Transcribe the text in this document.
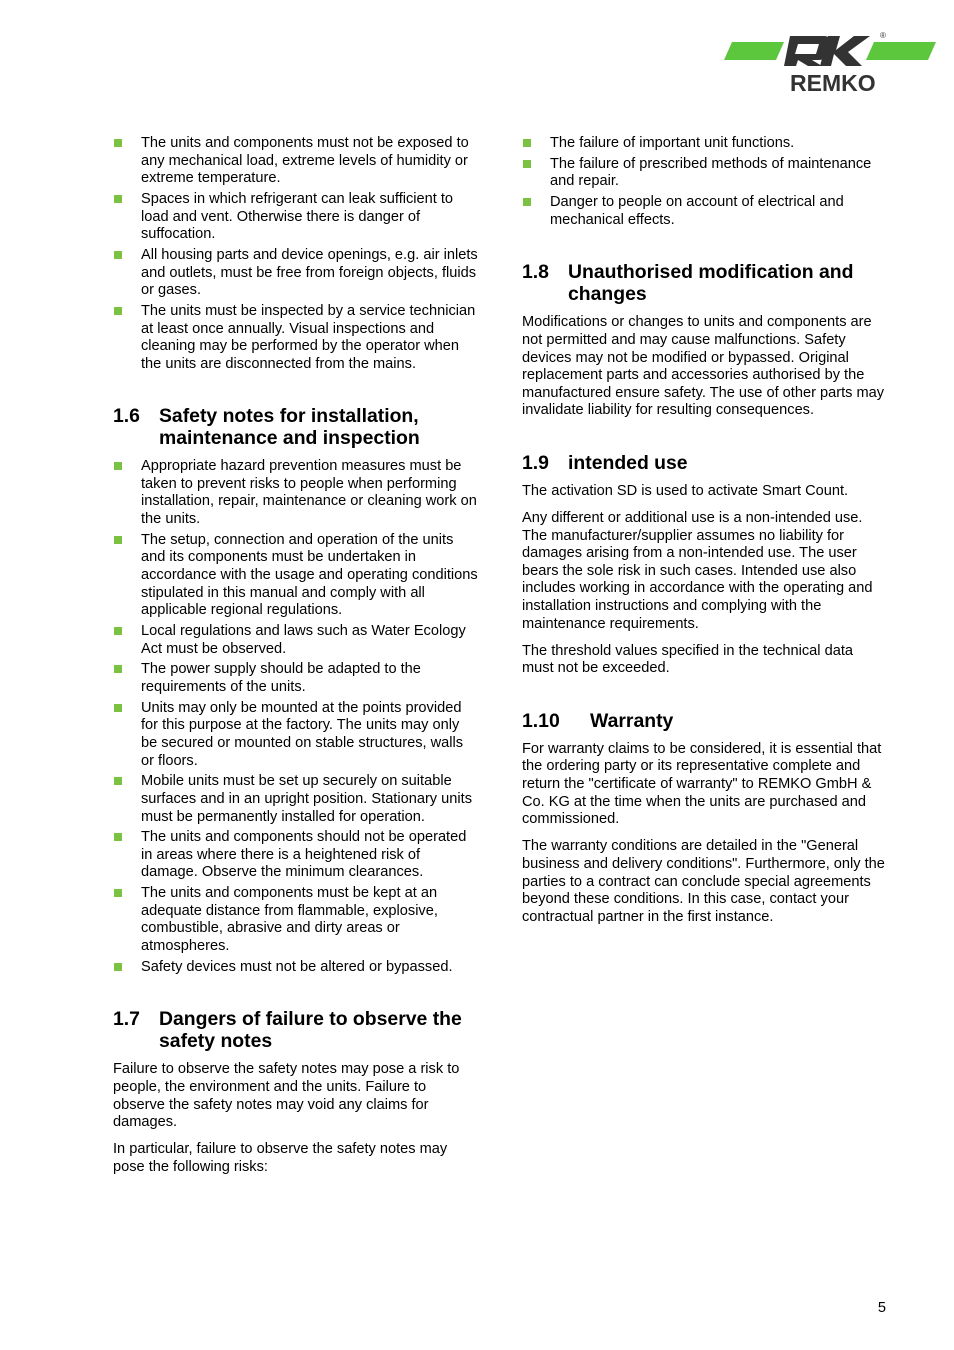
REMKO
®
The units and components must not be exposed to any mechanical load, extreme levels of humidity or extreme temperature.
Spaces in which refrigerant can leak sufficient to load and vent. Otherwise there is danger of suffocation.
All housing parts and device openings, e.g. air inlets and outlets, must be free from foreign objects, fluids or gases.
The units must be inspected by a service technician at least once annually. Visual inspections and cleaning may be performed by the operator when the units are disconnected from the mains.
1.6 Safety notes for installation, maintenance and inspection
Appropriate hazard prevention measures must be taken to prevent risks to people when performing installation, repair, maintenance or cleaning work on the units.
The setup, connection and operation of the units and its components must be undertaken in accordance with the usage and operating conditions stipulated in this manual and comply with all applicable regional regulations.
Local regulations and laws such as Water Ecology Act must be observed.
The power supply should be adapted to the requirements of the units.
Units may only be mounted at the points provided for this purpose at the factory. The units may only be secured or mounted on stable structures, walls or floors.
Mobile units must be set up securely on suitable surfaces and in an upright position. Stationary units must be permanently installed for operation.
The units and components should not be operated in areas where there is a heightened risk of damage. Observe the minimum clearances.
The units and components must be kept at an adequate distance from flammable, explosive, combustible, abrasive and dirty areas or atmospheres.
Safety devices must not be altered or bypassed.
1.7 Dangers of failure to observe the safety notes

Failure to observe the safety notes may pose a risk to people, the environment and the units. Failure to observe the safety notes may void any claims for damages.

In particular, failure to observe the safety notes may pose the following risks:

The failure of important unit functions.
The failure of prescribed methods of maintenance and repair.
Danger to people on account of electrical and mechanical effects.
1.8 Unauthorised modification and changes

Modifications or changes to units and components are not permitted and may cause malfunctions. Safety devices may not be modified or bypassed. Original replacement parts and accessories authorised by the manufactured ensure safety. The use of other parts may invalidate liability for resulting consequences.

1.9 intended use

The activation SD is used to activate Smart Count.

Any different or additional use is a non-intended use. The manufacturer/supplier assumes no liability for damages arising from a non-intended use. The user bears the sole risk in such cases. Intended use also includes working in accordance with the operating and installation instructions and complying with the maintenance requirements.

The threshold values specified in the technical data must not be exceeded.

1.10	Warranty

For warranty claims to be considered, it is essential that the ordering party or its representative complete and return the "certificate of warranty" to REMKO GmbH & Co. KG at the time when the units are purchased and commissioned.

The warranty conditions are detailed in the "General business and delivery conditions". Furthermore, only the parties to a contract can conclude special agreements beyond these conditions. In this case, contact your contractual partner in the first instance.

5
